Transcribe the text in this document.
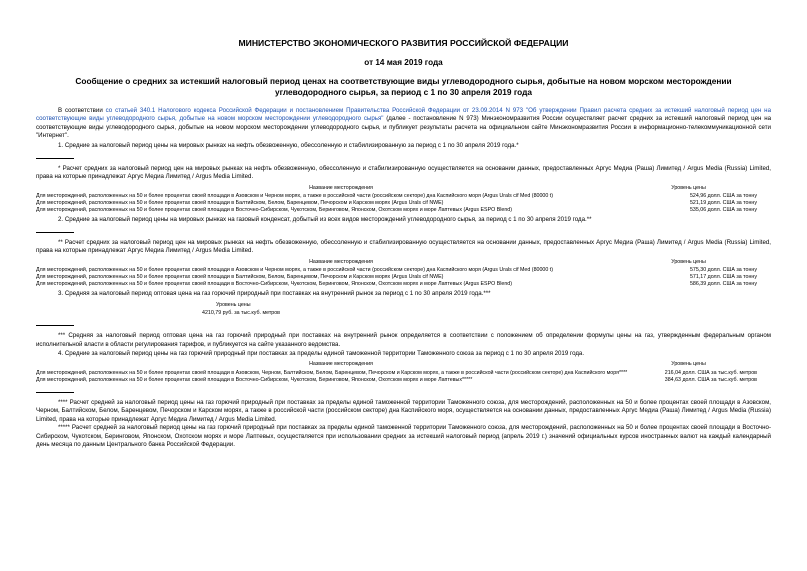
МИНИСТЕРСТВО ЭКОНОМИЧЕСКОГО РАЗВИТИЯ РОССИЙСКОЙ ФЕДЕРАЦИИ
от 14 мая 2019 года
Сообщение о средних за истекший налоговый период ценах на соответствующие виды углеводородного сырья, добытые на новом морском месторождении углеводородного сырья, за период с 1 по 30 апреля 2019 года
В соответствии со статьей 340.1 Налогового кодекса Российской Федерации и постановлением Правительства Российской Федерации от 23.09.2014 N 973 "Об утверждении Правил расчета средних за истекший налоговый период цен на соответствующие виды углеводородного сырья, добытые на новом морском месторождении углеводородного сырья" (далее - постановление N 973) Минэкономразвития России осуществляет расчет средних за истекший налоговый период цен на соответствующие виды углеводородного сырья, добытые на новом морском месторождении углеводородного сырья, и публикует результаты расчета на официальном сайте Минэкономразвития России в информационно-телекоммуникационной сети "Интернет".
1. Средние за налоговый период цены на мировых рынках на нефть обезвоженную, обессоленную и стабилизированную за период с 1 по 30 апреля 2019 года.*
* Расчет средних за налоговый период цен на мировых рынках на нефть обезвоженную, обессоленную и стабилизированную осуществляется на основании данных, предоставленных Аргус Медиа (Раша) Лимитед / Argus Media (Russia) Limited, права на которые принадлежат Аргус Медиа Лимитед / Argus Media Limited.
Название месторождения	Уровень цены
Для месторождений, расположенных на 50 и более процентах своей площади в Азовском и Черном морях, а также в российской части (российском секторе) дна Каспийского моря (Argus Urals cif Med (80000 t)	524,96 долл. США за тонну
Для месторождений, расположенных на 50 и более процентах своей площади в Балтийском, Белом, Баренцевом, Печорском и Карском морях (Argus Urals cif NWE)	521,19 долл. США за тонну
Для месторождений, расположенных на 50 и более процентах своей площади в Восточно-Сибирском, Чукотском, Беринговом, Японском, Охотском морях и море Лаптевых (Argus ESPO Blend)	535,06 долл. США за тонну
2. Средние за налоговый период цены на мировых рынках на газовый конденсат, добытый из всех видов месторождений углеводородного сырья, за период с 1 по 30 апреля 2019 года.**
** Расчет средних за налоговый период цен на мировых рынках на нефть обезвоженную, обессоленную и стабилизированную осуществляется на основании данных, предоставленных Аргус Медиа (Раша) Лимитед / Argus Media (Russia) Limited, права на которые принадлежат Аргус Медиа Лимитед / Argus Media Limited.
Название месторождения	Уровень цены
Для месторождений, расположенных на 50 и более процентах своей площади в Азовском и Черном морях, а также в российской части (российском секторе) дна Каспийского моря (Argus Urals cif Med (80000 t)	575,30 долл. США за тонну
Для месторождений, расположенных на 50 и более процентах своей площади в Балтийском, Белом, Баренцевом, Печорском и Карском морях (Argus Urals cif NWE)	571,17 долл. США за тонну
Для месторождений, расположенных на 50 и более процентах своей площади в Восточно-Сибирском, Чукотском, Беринговом, Японском, Охотском морях и море Лаптевых (Argus ESPO Blend)	586,39 долл. США за тонну
3. Средняя за налоговый период оптовая цена на газ горючий природный при поставках на внутренний рынок за период с 1 по 30 апреля 2019 года.***
Уровень цены
4210,79 руб. за тыс.куб. метров
*** Средняя за налоговый период оптовая цена на газ горючий природный при поставках на внутренний рынок определяется в соответствии с положением об определении формулы цены на газ, утвержденным федеральным органом исполнительной власти в области регулирования тарифов, и публикуется на сайте указанного ведомства.
4. Средние за налоговый период цены на газ горючий природный при поставках за пределы единой таможенной территории Таможенного союза за период с 1 по 30 апреля 2019 года.
Название месторождения	Уровень цены
Для месторождений, расположенных на 50 и более процентах своей площади в Азовском, Черном, Балтийском, Белом, Баренцевом, Печорском и Карском морях, а также в российской части (российском секторе) дна Каспийского моря****	216,04 долл. США за тыс.куб. метров
Для месторождений, расположенных на 50 и более процентах своей площади в Восточно-Сибирском, Чукотском, Беринговом, Японском, Охотском морях и море Лаптевых*****	384,63 долл. США за тыс.куб. метров
**** Расчет средней за налоговый период цены на газ горючий природный при поставках за пределы единой таможенной территории Таможенного союза, для месторождений, расположенных на 50 и более процентах своей площади в Азовском, Черном, Балтийском, Белом, Баренцевом, Печорском и Карском морях, а также в российской части (российском секторе) дна Каспийского моря, осуществляется на основании данных, предоставленных Аргус Медиа (Раша) Лимитед / Argus Media (Russia) Limited, права на которые принадлежат Аргус Медиа Лимитед / Argus Media Limited.
***** Расчет средней за налоговый период цены на газ горючий природный при поставках за пределы единой таможенной территории Таможенного союза, для месторождений, расположенных на 50 и более процентах своей площади в Восточно-Сибирском, Чукотском, Беринговом, Японском, Охотском морях и море Лаптевых, осуществляется при использовании средних за истекший налоговый период (апрель 2019 г.) значений официальных курсов иностранных валют на каждый календарный день месяца по данным Центрального банка Российской Федерации.
